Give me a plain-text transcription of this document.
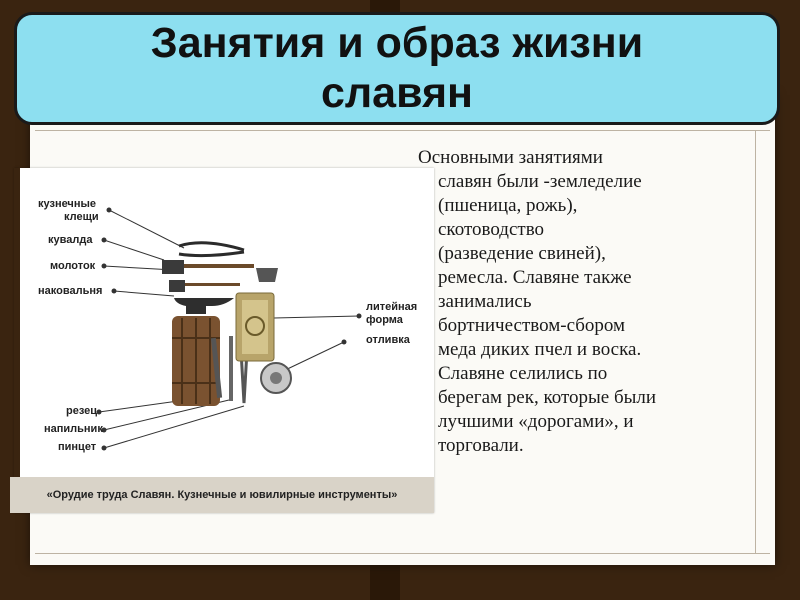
Занятия и образ жизни
славян
кузнечные
клещи
кувалда
молоток
наковальня
резец
напильник
пинцет
литейная
форма
отливка
«Орудие труда Славян. Кузнечные и ювилирные инструменты»
Основными занятиями
славян были -земледелие
(пшеница, рожь),
скотоводство
(разведение свиней),
ремесла. Славяне также
занимались
бортничеством-сбором
меда диких пчел и воска.
Славяне селились по
берегам рек, которые были
лучшими «дорогами», и
торговали.
